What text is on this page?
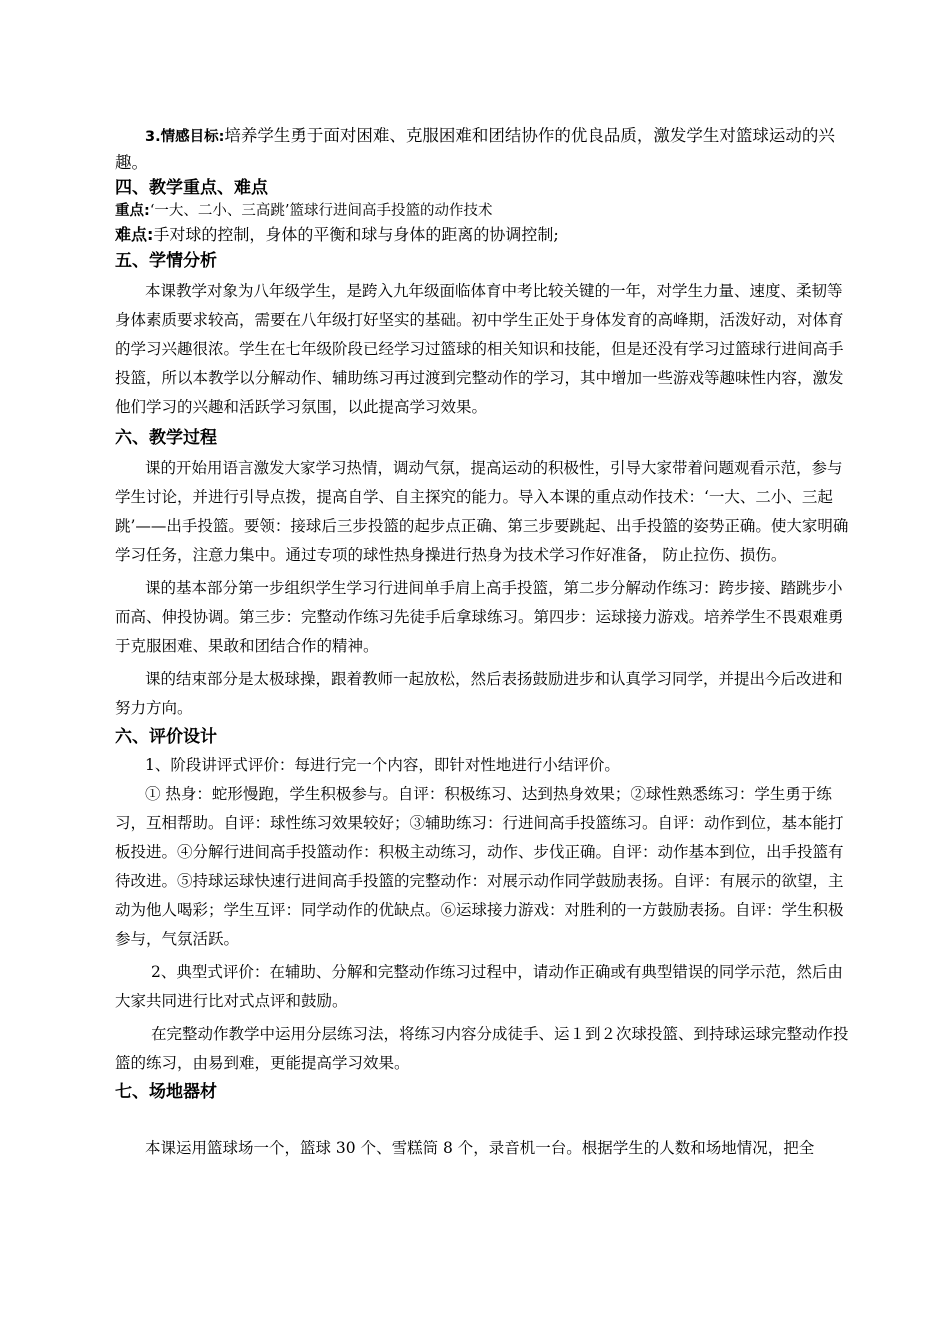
3.情感目标:培养学生勇于面对困难、克服困难和团结协作的优良品质，激发学生对篮球运动的兴趣。

四、教学重点、难点

重点:‘一大、二小、三高跳’篮球行进间高手投篮的动作技术

难点:手对球的控制，身体的平衡和球与身体的距离的协调控制;

五、学情分析

本课教学对象为八年级学生，是跨入九年级面临体育中考比较关键的一年，对学生力量、速度、柔韧等身体素质要求较高，需要在八年级打好坚实的基础。初中学生正处于身体发育的高峰期，活泼好动，对体育的学习兴趣很浓。学生在七年级阶段已经学习过篮球的相关知识和技能，但是还没有学习过篮球行进间高手投篮，所以本教学以分解动作、辅助练习再过渡到完整动作的学习，其中增加一些游戏等趣味性内容，激发他们学习的兴趣和活跃学习氛围，以此提高学习效果。

六、教学过程

课的开始用语言激发大家学习热情，调动气氛，提高运动的积极性，引导大家带着问题观看示范，参与学生讨论，并进行引导点拨，提高自学、自主探究的能力。导入本课的重点动作技术：‘一大、二小、三起跳’——出手投篮。要领：接球后三步投篮的起步点正确、第三步要跳起、出手投篮的姿势正确。使大家明确学习任务，注意力集中。通过专项的球性热身操进行热身为技术学习作好准备， 防止拉伤、损伤。

课的基本部分第一步组织学生学习行进间单手肩上高手投篮，第二步分解动作练习：跨步接、踏跳步小而高、伸投协调。第三步：完整动作练习先徒手后拿球练习。第四步：运球接力游戏。培养学生不畏艰难勇于克服困难、果敢和团结合作的精神。

课的结束部分是太极球操，跟着教师一起放松，然后表扬鼓励进步和认真学习同学，并提出今后改进和努力方向。

六、评价设计

1、阶段讲评式评价：每进行完一个内容，即针对性地进行小结评价。

① 热身：蛇形慢跑，学生积极参与。自评：积极练习、达到热身效果；②球性熟悉练习：学生勇于练习，互相帮助。自评：球性练习效果较好；③辅助练习：行进间高手投篮练习。自评：动作到位，基本能打板投进。④分解行进间高手投篮动作：积极主动练习，动作、步伐正确。自评：动作基本到位，出手投篮有待改进。⑤持球运球快速行进间高手投篮的完整动作：对展示动作同学鼓励表扬。自评：有展示的欲望，主动为他人喝彩；学生互评：同学动作的优缺点。⑥运球接力游戏：对胜利的一方鼓励表扬。自评：学生积极参与，气氛活跃。

2、典型式评价：在辅助、分解和完整动作练习过程中，请动作正确或有典型错误的同学示范，然后由大家共同进行比对式点评和鼓励。

在完整动作教学中运用分层练习法，将练习内容分成徒手、运１到２次球投篮、到持球运球完整动作投篮的练习，由易到难，更能提高学习效果。

七、场地器材

本课运用篮球场一个，篮球 30 个、雪糕筒 8 个，录音机一台。根据学生的人数和场地情况，把全
